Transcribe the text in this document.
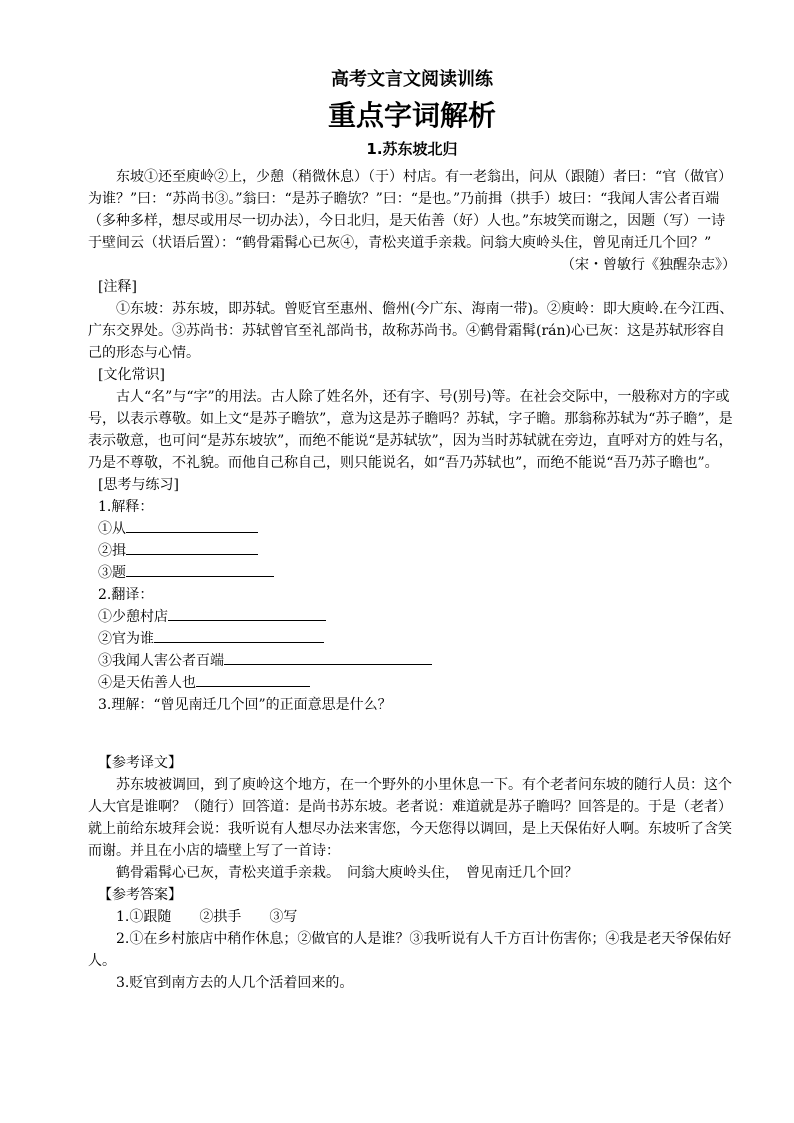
高考文言文阅读训练
重点字词解析
1.苏东坡北归

东坡①还至庾岭②上，少憩（稍微休息）（于）村店。有一老翁出，问从（跟随）者曰：“官（做官）为谁？”曰：“苏尚书③。”翁曰：“是苏子瞻欤？”曰：“是也。”乃前揖（拱手）坡曰：“我闻人害公者百端（多种多样，想尽或用尽一切办法），今日北归，是天佑善（好）人也。”东坡笑而谢之，因题（写）一诗于壁间云（状语后置）：“鹤骨霜髯心已灰④，青松夹道手亲栽。问翁大庾岭头住，曾见南迁几个回？”

（宋・曾敏行《独醒杂志》）

[注释]

①东坡：苏东坡，即苏轼。曾贬官至惠州、儋州(今广东、海南一带)。②庾岭：即大庾岭.在今江西、广东交界处。③苏尚书：苏轼曾官至礼部尚书，故称苏尚书。④鹤骨霜髯(rán)心已灰：这是苏轼形容自己的形态与心情。

[文化常识]

古人“名”与“字”的用法。古人除了姓名外，还有字、号(别号)等。在社会交际中，一般称对方的字或号，以表示尊敬。如上文“是苏子瞻欤”，意为这是苏子瞻吗？苏轼，字子瞻。那翁称苏轼为“苏子瞻”，是表示敬意，也可问“是苏东坡欤”，而绝不能说“是苏轼欤”，因为当时苏轼就在旁边，直呼对方的姓与名，乃是不尊敬，不礼貌。而他自己称自己，则只能说名，如“吾乃苏轼也”，而绝不能说“吾乃苏子瞻也”。

[思考与练习]

1.解释：

①从

②揖

③题

2.翻译：

①少憩村店

②官为谁

③我闻人害公者百端

④是天佑善人也

3.理解：“曾见南迁几个回”的正面意思是什么？

【参考译文】

苏东坡被调回，到了庾岭这个地方，在一个野外的小里休息一下。有个老者问东坡的随行人员：这个人大官是谁啊？（随行）回答道：是尚书苏东坡。老者说：难道就是苏子瞻吗？回答是的。于是（老者）就上前给东坡拜会说：我听说有人想尽办法来害您，今天您得以调回，是上天保佑好人啊。东坡听了含笑而谢。并且在小店的墙壁上写了一首诗：

鹤骨霜髯心已灰，青松夹道手亲栽。　问翁大庾岭头住，　曾见南迁几个回？

【参考答案】

1.①跟随　　②拱手　　③写

2.①在乡村旅店中稍作休息；②做官的人是谁？③我听说有人千方百计伤害你；④我是老天爷保佑好人。

3.贬官到南方去的人几个活着回来的。
